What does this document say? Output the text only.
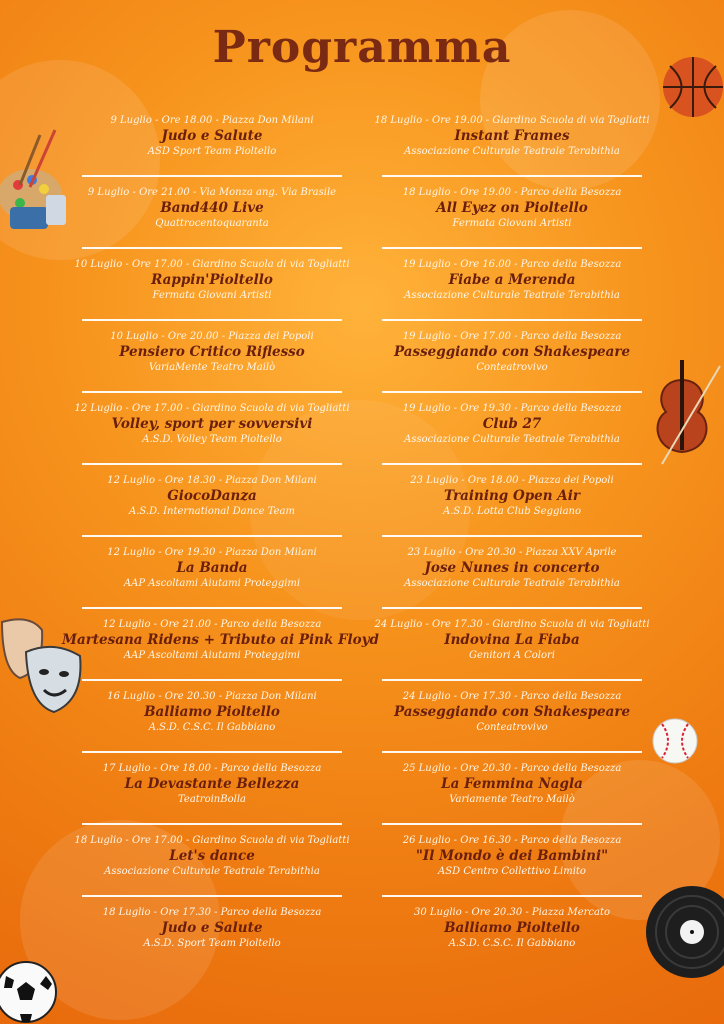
Programma
9 Luglio - Ore 18.00 - Piazza Don Milani
Judo e Salute
ASD Sport Team Pioltello
9 Luglio - Ore 21.00 - Via Monza ang. Via Brasile
Band440 Live
Quattrocentoquaranta
10 Luglio - Ore 17.00 - Giardino Scuola di via Togliatti
Rappin'Pioltello
Fermata Giovani Artisti
10 Luglio - Ore 20.00 - Piazza dei Popoli
Pensiero Critico Riflesso
VariaMente Teatro Mailò
12 Luglio - Ore 17.00 - Giardino Scuola di via Togliatti
Volley, sport per sovversivi
A.S.D. Volley Team Pioltello
12 Luglio - Ore 18.30 - Piazza Don Milani
GiocoDanza
A.S.D. International Dance Team
12 Luglio - Ore 19.30 - Piazza Don Milani
La Banda
AAP Ascoltami Aiutami Proteggimi
12 Luglio - Ore 21.00 - Parco della Besozza
Martesana Ridens + Tributo ai Pink Floyd
AAP Ascoltami Aiutami Proteggimi
16 Luglio - Ore 20.30 - Piazza Don Milani
Balliamo Pioltello
A.S.D. C.S.C. Il Gabbiano
17 Luglio - Ore 18.00 - Parco della Besozza
La Devastante Bellezza
TeatroinBolla
18 Luglio - Ore 17.00 - Giardino Scuola di via Togliatti
Let's dance
Associazione Culturale Teatrale Terabithia
18 Luglio - Ore 17.30 - Parco della Besozza
Judo e Salute
A.S.D. Sport Team Pioltello
18 Luglio - Ore 19.00 - Giardino Scuola di via Togliatti
Instant Frames
Associazione Culturale Teatrale Terabithia
18 Luglio - Ore 19.00 - Parco della Besozza
All Eyez on Pioltello
Fermata Giovani Artisti
19 Luglio - Ore 16.00 - Parco della Besozza
Fiabe a Merenda
Associazione Culturale Teatrale Terabithia
19 Luglio - Ore 17.00 - Parco della Besozza
Passeggiando con Shakespeare
Conteatrovivo
19 Luglio - Ore 19.30 - Parco della Besozza
Club 27
Associazione Culturale Teatrale Terabithia
23 Luglio - Ore 18.00 - Piazza dei Popoli
Training Open Air
A.S.D. Lotta Club Seggiano
23 Luglio - Ore 20.30 - Piazza XXV Aprile
Jose Nunes in concerto
Associazione Culturale Teatrale Terabithia
24 Luglio - Ore 17.30 - Giardino Scuola di via Togliatti
Indovina La Fiaba
Genitori A Colori
24 Luglio - Ore 17.30 - Parco della Besozza
Passeggiando con Shakespeare
Conteatrovivo
25 Luglio - Ore 20.30 - Parco della Besozza
La Femmina Nagla
Variamente Teatro Mailò
26 Luglio - Ore 16.30 - Parco della Besozza
"Il Mondo è dei Bambini"
ASD Centro Collettivo Limito
30 Luglio - Ore 20.30 - Piazza Mercato
Balliamo Pioltello
A.S.D. C.S.C. Il Gabbiano
